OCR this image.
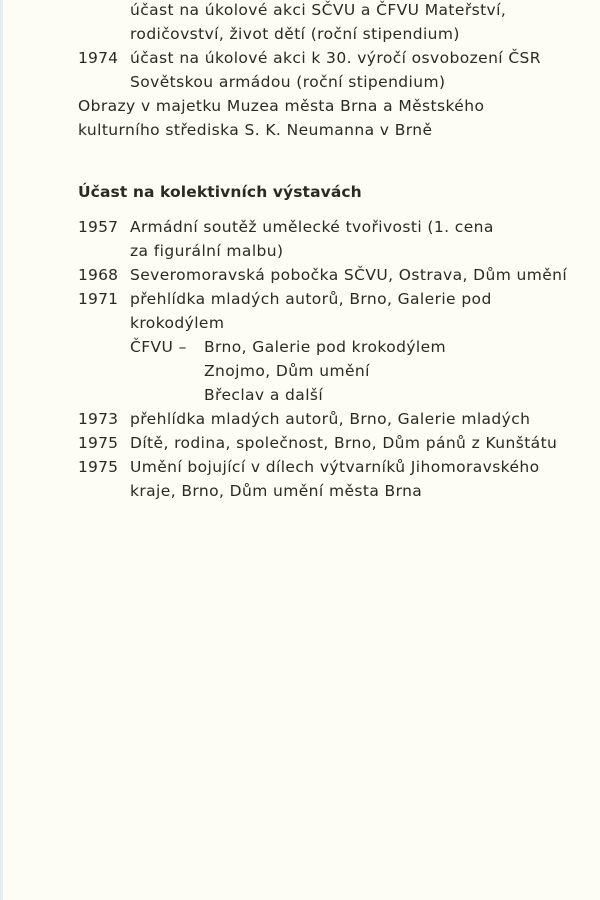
účast na úkolové akci SČVU a ČFVU Mateřství,
rodičovství, život dětí (roční stipendium)
1974 účast na úkolové akci k 30. výročí osvobození ČSR
Sovětskou armádou (roční stipendium)
Obrazy v majetku Muzea města Brna a Městského
kulturního střediska S. K. Neumanna v Brně
Účast na kolektivních výstavách
1957 Armádní soutěž umělecké tvořivosti (1. cena
za figurální malbu)
1968 Severomoravská pobočka SČVU, Ostrava, Dům umění
1971 přehlídka mladých autorů, Brno, Galerie pod
krokodýlem
ČFVU – Brno, Galerie pod krokodýlem
Znojmo, Dům umění
Břeclav a další
1973 přehlídka mladých autorů, Brno, Galerie mladých
1975 Dítě, rodina, společnost, Brno, Dům pánů z Kunštátu
1975 Umění bojující v dílech výtvarníků Jihomoravského
kraje, Brno, Dům umění města Brna
